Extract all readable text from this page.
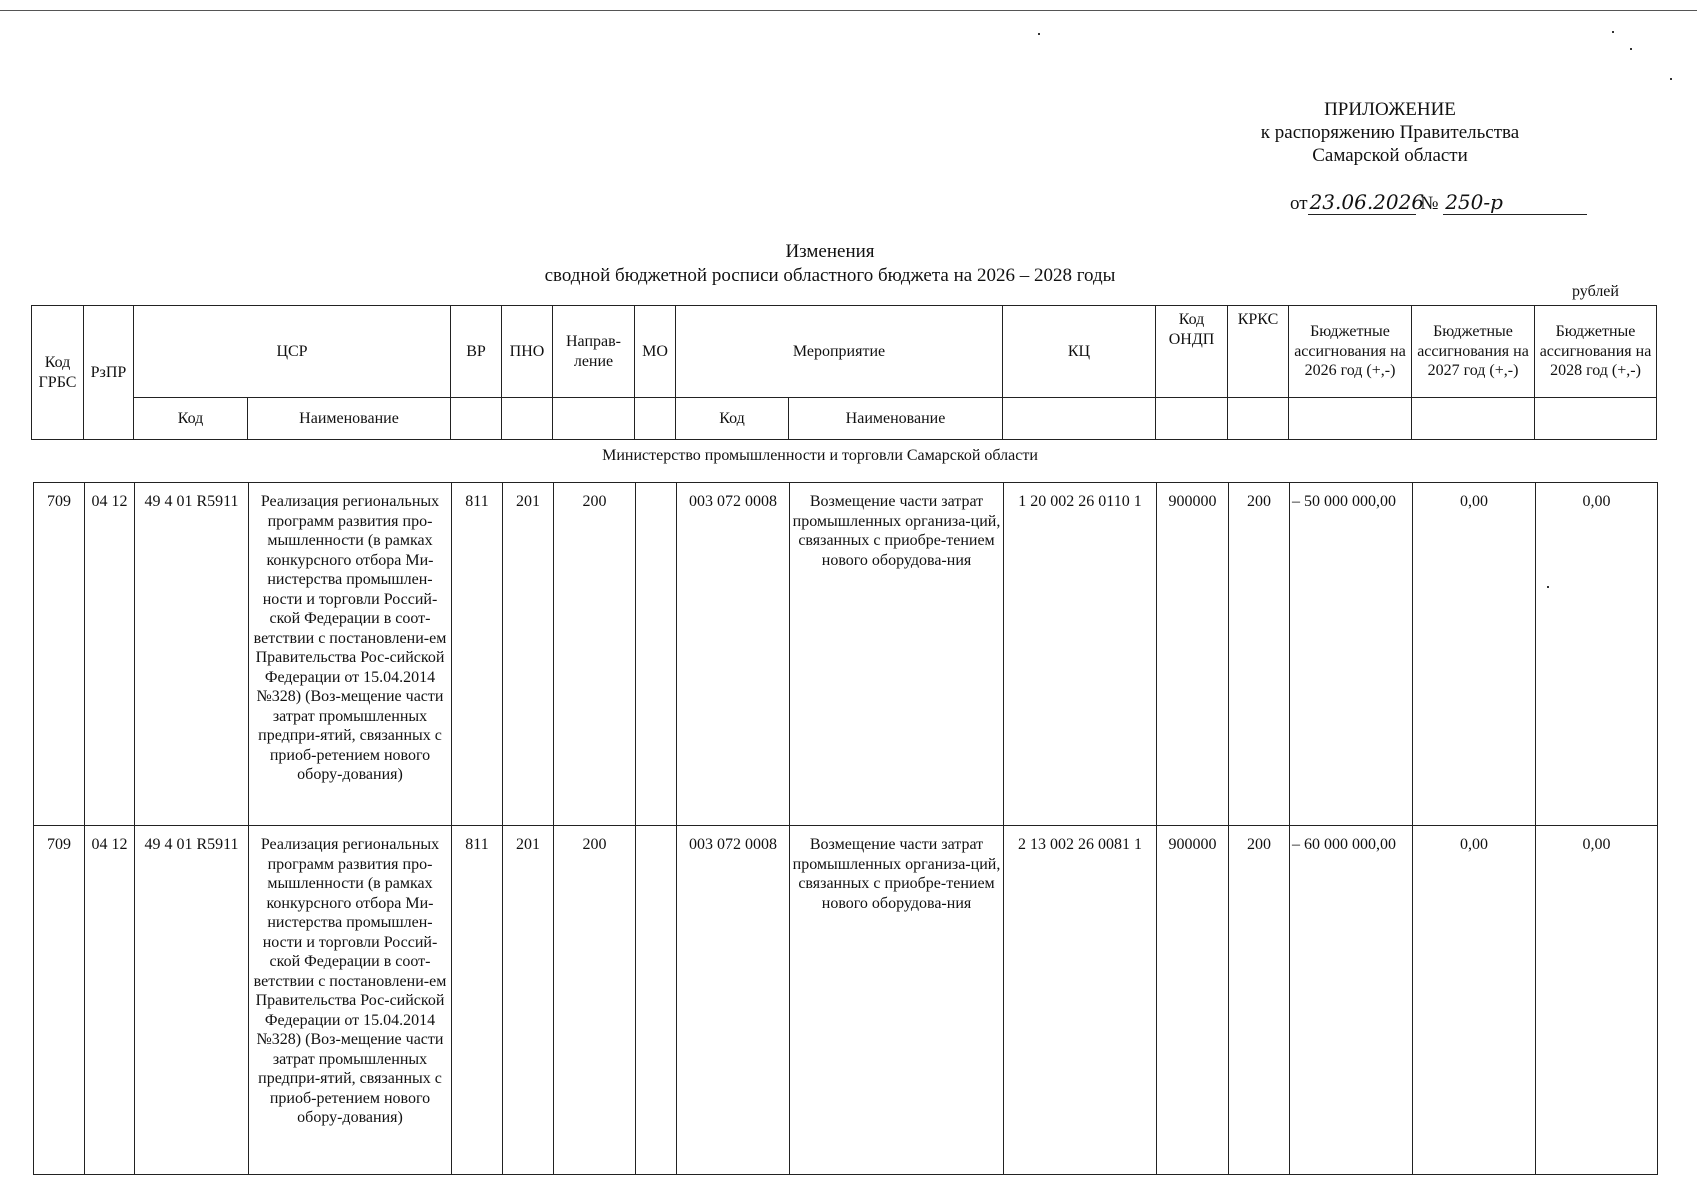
ПРИЛОЖЕНИЕ
к распоряжению Правительства
Самарской области
от 23.06.2026 № 250-р
Изменения
сводной бюджетной росписи областного бюджета на 2026 – 2028 годы
рублей
Код ГРБС	РзПР	ЦСР		ВР	ПНО	Направ-ление	МО	Мероприятие		КЦ	Код ОНДП	КРКС	Бюджетные ассигнования на 2026 год (+,-)	Бюджетные ассигнования на 2027 год (+,-)	Бюджетные ассигнования на 2028 год (+,-)
		Код	Наименование					Код	Наименование						
Министерство промышленности и торговли Самарской области
709	04 12	49 4 01 R5911	Реализация региональных программ развития про-мышленности (в рамках конкурсного отбора Ми-нистерства промышлен-ности и торговли Россий-ской Федерации в соот-ветствии с постановлени-ем Правительства Рос-сийской Федерации от 15.04.2014 №328) (Воз-мещение части затрат промышленных предпри-ятий, связанных с приоб-ретением нового обору-дования)	811	201	200		003 072 0008	Возмещение части затрат промышленных организа-ций, связанных с приобре-тением нового оборудова-ния	1 20 002 26 0110 1	900000	200	– 50 000 000,00	0,00	0,00
709	04 12	49 4 01 R5911	Реализация региональных программ развития про-мышленности (в рамках конкурсного отбора Ми-нистерства промышлен-ности и торговли Россий-ской Федерации в соот-ветствии с постановлени-ем Правительства Рос-сийской Федерации от 15.04.2014 №328) (Воз-мещение части затрат промышленных предпри-ятий, связанных с приоб-ретением нового обору-дования)	811	201	200		003 072 0008	Возмещение части затрат промышленных организа-ций, связанных с приобре-тением нового оборудова-ния	2 13 002 26 0081 1	900000	200	– 60 000 000,00	0,00	0,00
